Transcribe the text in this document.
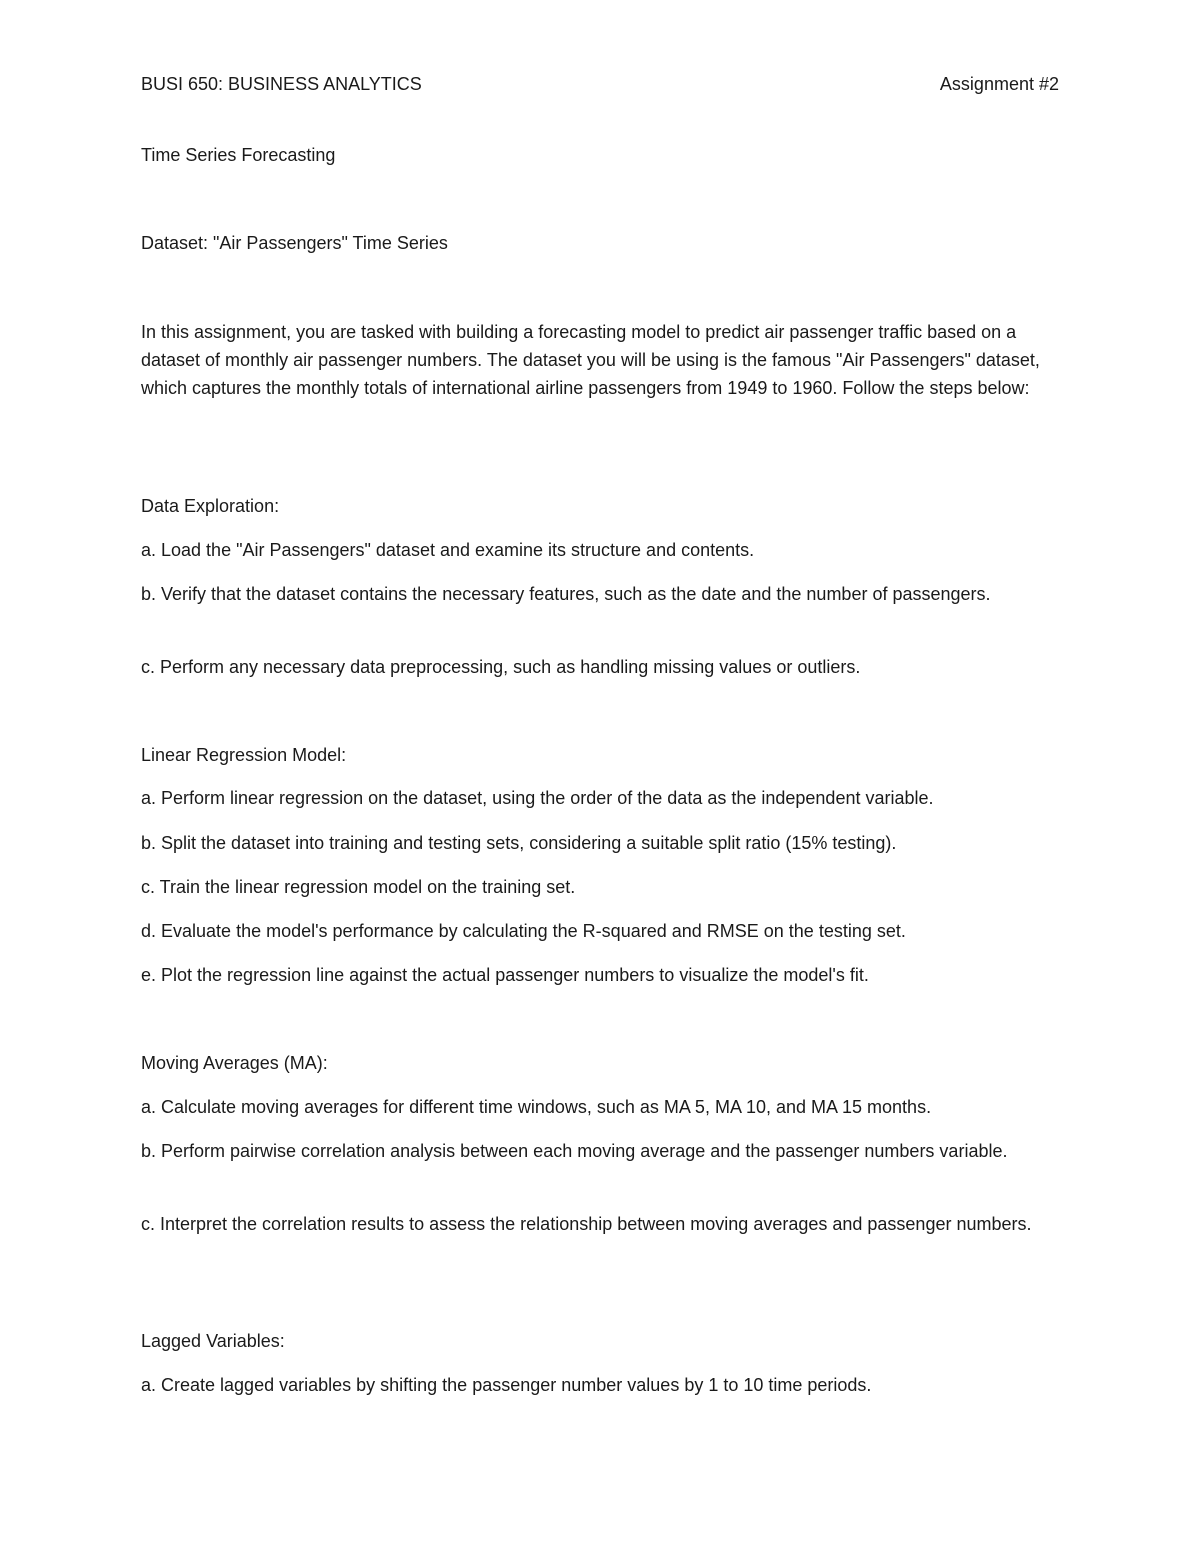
BUSI 650: BUSINESS ANALYTICS	Assignment #2

Time Series Forecasting

Dataset: "Air Passengers" Time Series

In this assignment, you are tasked with building a forecasting model to predict air passenger traffic based on a dataset of monthly air passenger numbers. The dataset you will be using is the famous "Air Passengers" dataset, which captures the monthly totals of international airline passengers from 1949 to 1960. Follow the steps below:

Data Exploration:

a. Load the "Air Passengers" dataset and examine its structure and contents.

b. Verify that the dataset contains the necessary features, such as the date and the number of passengers.

c. Perform any necessary data preprocessing, such as handling missing values or outliers.

Linear Regression Model:

a. Perform linear regression on the dataset, using the order of the data as the independent variable.

b. Split the dataset into training and testing sets, considering a suitable split ratio (15% testing).

c. Train the linear regression model on the training set.

d. Evaluate the model's performance by calculating the R-squared and RMSE on the testing set.

e. Plot the regression line against the actual passenger numbers to visualize the model's fit.

Moving Averages (MA):

a. Calculate moving averages for different time windows, such as MA 5, MA 10, and MA 15 months.

b. Perform pairwise correlation analysis between each moving average and the passenger numbers variable.

c. Interpret the correlation results to assess the relationship between moving averages and passenger numbers.

Lagged Variables:

a. Create lagged variables by shifting the passenger number values by 1 to 10 time periods.
